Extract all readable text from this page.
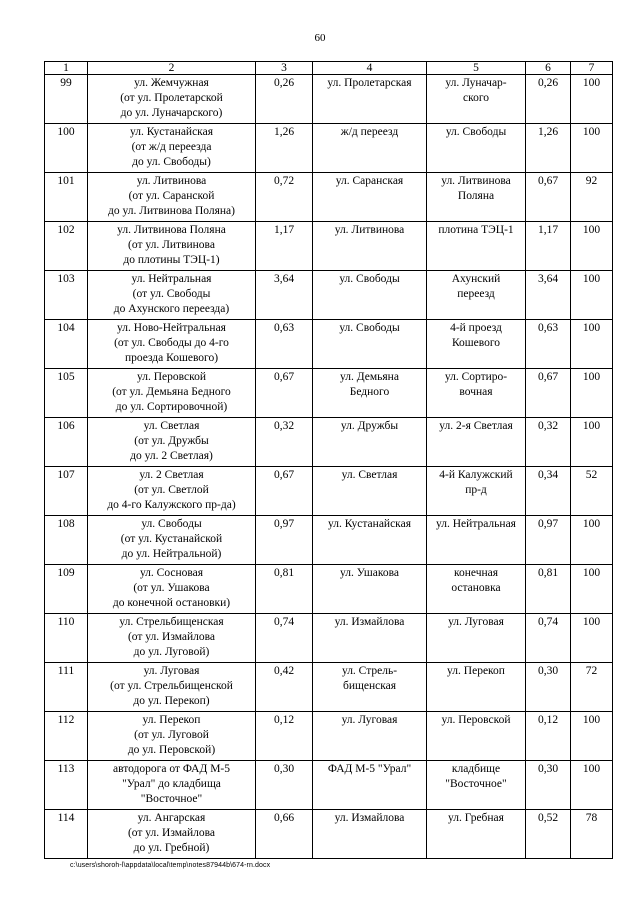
60
1	2	3	4	5	6	7
99	ул. Жемчужная
(от ул. Пролетарской
до ул. Луначарского)	0,26	ул. Пролетарская	ул. Луначар-
ского	0,26	100
100	ул. Кустанайская
(от ж/д переезда
до ул. Свободы)	1,26	ж/д переезд	ул. Свободы	1,26	100
101	ул. Литвинова
(от ул. Саранской
до ул. Литвинова Поляна)	0,72	ул. Саранская	ул. Литвинова
Поляна	0,67	92
102	ул. Литвинова Поляна
(от ул. Литвинова
до плотины ТЭЦ-1)	1,17	ул. Литвинова	плотина ТЭЦ-1	1,17	100
103	ул. Нейтральная
(от ул. Свободы
до Ахунского переезда)	3,64	ул. Свободы	Ахунский
переезд	3,64	100
104	ул. Ново-Нейтральная
(от ул. Свободы до 4-го
проезда Кошевого)	0,63	ул. Свободы	4-й проезд
Кошевого	0,63	100
105	ул. Перовской
(от ул. Демьяна Бедного
до ул. Сортировочной)	0,67	ул. Демьяна
Бедного	ул. Сортиро-
вочная	0,67	100
106	ул. Светлая
(от ул. Дружбы
до ул. 2 Светлая)	0,32	ул. Дружбы	ул. 2-я Светлая	0,32	100
107	ул. 2 Светлая
(от ул. Светлой
до 4-го Калужского пр-да)	0,67	ул. Светлая	4-й Калужский
пр-д	0,34	52
108	ул. Свободы
(от ул. Кустанайской
до ул. Нейтральной)	0,97	ул. Кустанайская	ул. Нейтральная	0,97	100
109	ул. Сосновая
(от ул. Ушакова
до конечной остановки)	0,81	ул. Ушакова	конечная
остановка	0,81	100
110	ул. Стрельбищенская
(от ул. Измайлова
до ул. Луговой)	0,74	ул. Измайлова	ул. Луговая	0,74	100
111	ул. Луговая
(от ул. Стрельбищенской
до ул. Перекоп)	0,42	ул. Стрель-
бищенская	ул. Перекоп	0,30	72
112	ул. Перекоп
(от ул. Луговой
до ул. Перовской)	0,12	ул. Луговая	ул. Перовской	0,12	100
113	автодорога от ФАД М-5
"Урал" до кладбища
"Восточное"	0,30	ФАД М-5 "Урал"	кладбище
"Восточное"	0,30	100
114	ул. Ангарская
(от ул. Измайлова
до ул. Гребной)	0,66	ул. Измайлова	ул. Гребная	0,52	78
c:\users\shoroh-l\appdata\local\temp\notes87944b\674-rn.docx
